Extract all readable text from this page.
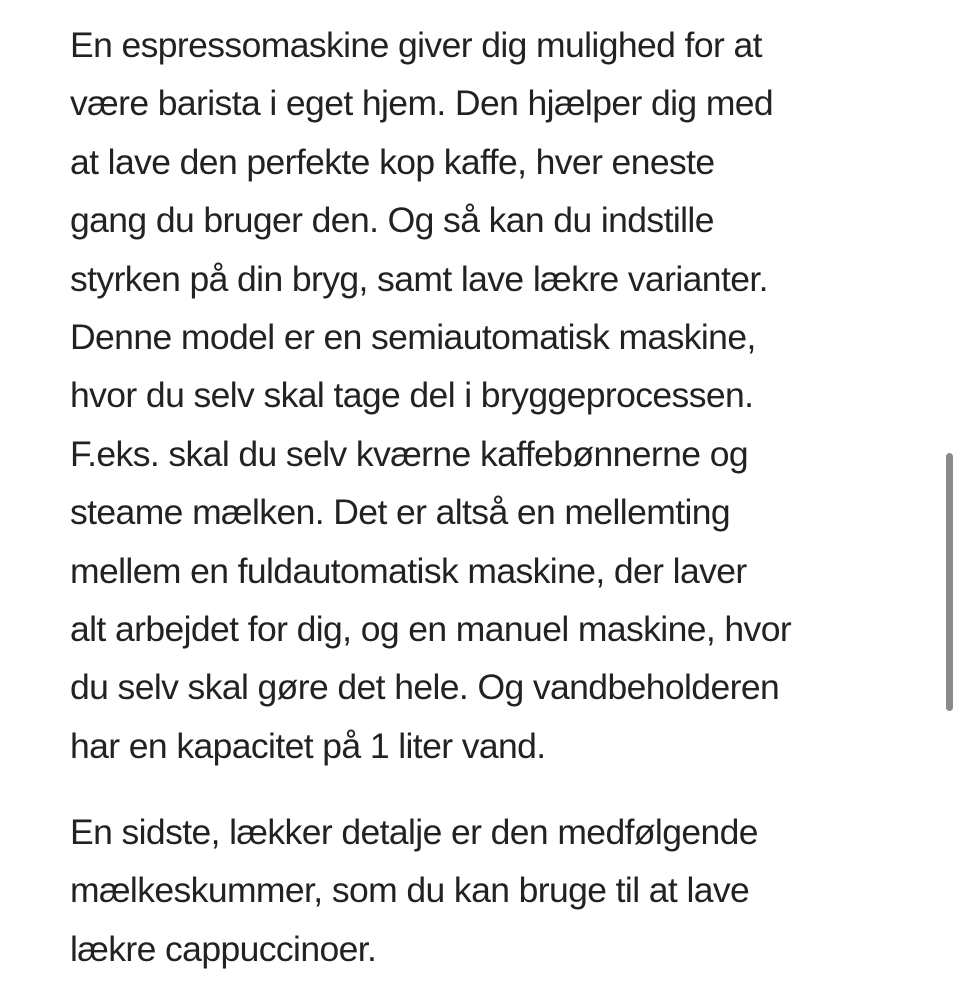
En espressomaskine giver dig mulighed for at
være barista i eget hjem. Den hjælper dig med
at lave den perfekte kop kaffe, hver eneste
gang du bruger den. Og så kan du indstille
styrken på din bryg, samt lave lækre varianter.
Denne model er en semiautomatisk maskine,
hvor du selv skal tage del i bryggeprocessen.
F.eks. skal du selv kværne kaffebønnerne og
steame mælken. Det er altså en mellemting
mellem en fuldautomatisk maskine, der laver
alt arbejdet for dig, og en manuel maskine, hvor
du selv skal gøre det hele. Og vandbeholderen
har en kapacitet på 1 liter vand.

En sidste, lækker detalje er den medfølgende
mælkeskummer, som du kan bruge til at lave
lækre cappuccinoer.
